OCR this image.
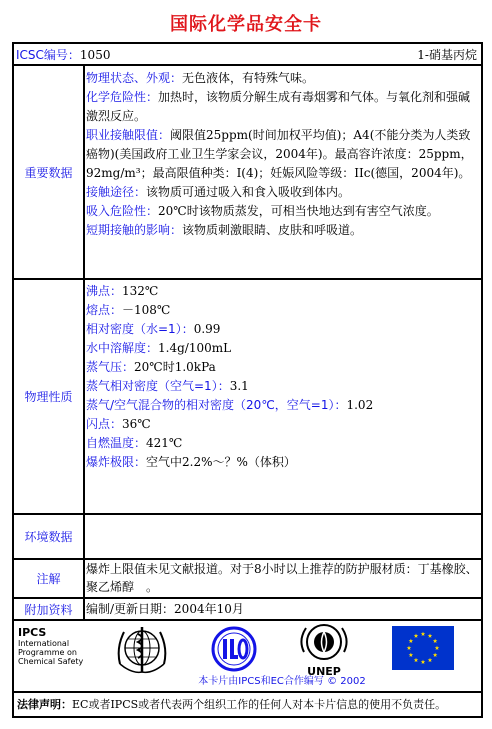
国际化学品安全卡
ICSC编号：1050	1-硝基丙烷
重要数据

物理状态、外观：无色液体，有特殊气味。

化学危险性：加热时，该物质分解生成有毒烟雾和气体。与氧化剂和强碱激烈反应。

职业接触限值：阈限值25ppm(时间加权平均值)；A4(不能分类为人类致癌物)(美国政府工业卫生学家会议，2004年)。最高容许浓度：25ppm，92mg/m³；最高限值种类：I(4)；妊娠风险等级：IIc(德国，2004年)。

接触途径：该物质可通过吸入和食入吸收到体内。

吸入危险性：20℃时该物质蒸发，可相当快地达到有害空气浓度。

短期接触的影响：该物质刺激眼睛、皮肤和呼吸道。

物理性质

沸点：132℃

熔点：－108℃

相对密度（水=1）：0.99

水中溶解度：1.4g/100mL

蒸气压：20℃时1.0kPa

蒸气相对密度（空气=1）：3.1

蒸气/空气混合物的相对密度（20℃，空气=1）：1.02

闪点：36℃

自燃温度：421℃

爆炸极限：空气中2.2%～？%（体积）

环境数据
注解
爆炸上限值未见文献报道。对于8小时以上推荐的防护服材质：丁基橡胶、聚乙烯醇　。
附加资料	编制/更新日期：2004年10月
IPCS
International
Programme on
Chemical Safety
UNEP
本卡片由IPCS和EC合作编写 © 2002
法律声明：EC或者IPCS或者代表两个组织工作的任何人对本卡片信息的使用不负责任。
